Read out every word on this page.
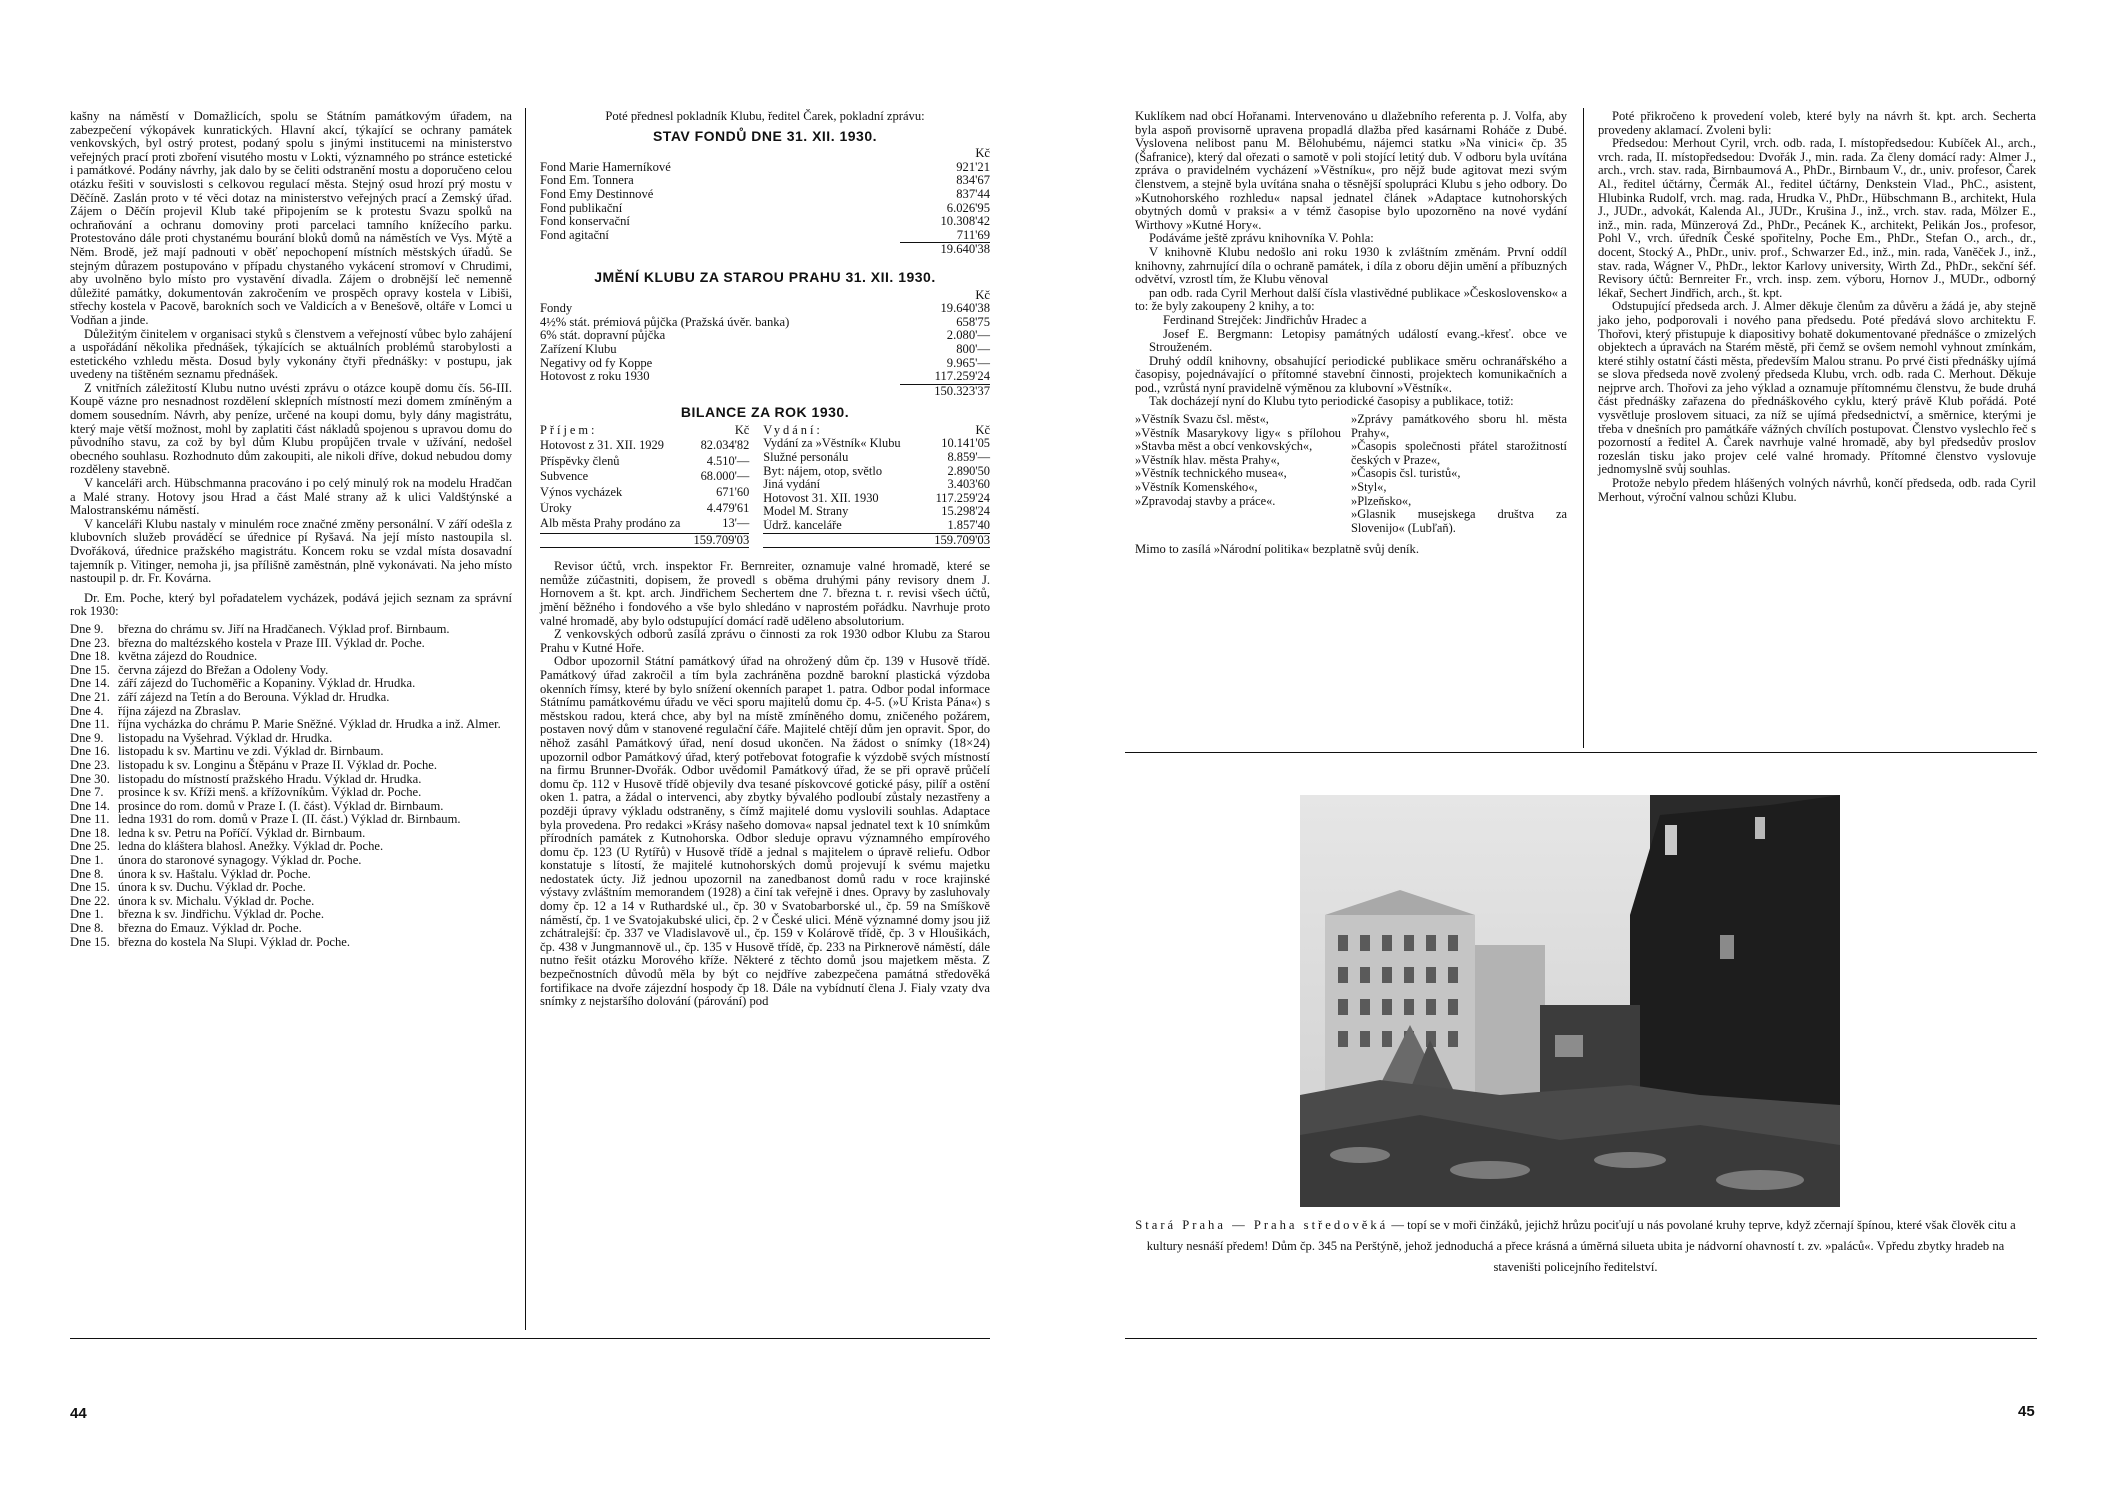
kašny na náměstí v Domažlicích, spolu se Státním památkovým úřadem, na zabezpečení výkopávek kunratických. Hlavní akcí, týkající se ochrany památek venkovských, byl ostrý protest, podaný spolu s jinými institucemi na ministerstvo veřejných prací proti zboření visutého mostu v Lokti, významného po stránce estetické i památkové. Podány návrhy, jak dalo by se čeliti odstranění mostu a doporučeno celou otázku řešiti v souvislosti s celkovou regulací města. Stejný osud hrozí prý mostu v Děčíně. Zaslán proto v té věci dotaz na ministerstvo veřejných prací a Zemský úřad. Zájem o Děčín projevil Klub také připojením se k protestu Svazu spolků na ochraňování a ochranu domoviny proti parcelaci tamního knížecího parku. Protestováno dále proti chystanému bourání bloků domů na náměstích ve Vys. Mýtě a Něm. Brodě, jež mají padnouti v oběť nepochopení místních městských úřadů. Se stejným důrazem postupováno v případu chystaného vykácení stromoví v Chrudimi, aby uvolněno bylo místo pro vystavění divadla. Zájem o drobnější leč nemenně důležité památky, dokumentován zakročením ve prospěch opravy kostela v Libiši, střechy kostela v Pacově, barokních soch ve Valdicích a v Benešově, oltáře v Lomci u Vodňan a jinde.

Důležitým činitelem v organisaci styků s členstvem a veřejností vůbec bylo zahájení a uspořádání několika přednášek, týkajících se aktuálních problémů starobylosti a estetického vzhledu města. Dosud byly vykonány čtyři přednášky: v postupu, jak uvedeny na tištěném seznamu přednášek.

Z vnitřních záležitostí Klubu nutno uvésti zprávu o otázce koupě domu čís. 56-III. Koupě vázne pro nesnadnost rozdělení sklepních místností mezi domem zmíněným a domem sousedním. Návrh, aby peníze, určené na koupi domu, byly dány magistrátu, který maje větší možnost, mohl by zaplatiti část nákladů spojenou s upravou domu do původního stavu, za což by byl dům Klubu propůjčen trvale v užívání, nedošel obecného souhlasu. Rozhodnuto dům zakoupiti, ale nikoli dříve, dokud nebudou domy rozděleny stavebně.

V kanceláři arch. Hübschmanna pracováno i po celý minulý rok na modelu Hradčan a Malé strany. Hotovy jsou Hrad a část Malé strany až k ulici Valdštýnské a Malostranskému náměstí.

V kanceláři Klubu nastaly v minulém roce značné změny personální. V září odešla z klubovních služeb prováděcí se úřednice pí Ryšavá. Na její místo nastoupila sl. Dvořáková, úřednice pražského magistrátu. Koncem roku se vzdal místa dosavadní tajemník p. Vitinger, nemoha ji, jsa přílišně zaměstnán, plně vykonávati. Na jeho místo nastoupil p. dr. Fr. Kovárna.

Dr. Em. Poche, který byl pořadatelem vycházek, podává jejich seznam za správní rok 1930:

Dne 9.	března do chrámu sv. Jiří na Hradčanech. Výklad prof. Birnbaum.
Dne 23.	března do maltézského kostela v Praze III. Výklad dr. Poche.
Dne 18.	května zájezd do Roudnice.
Dne 15.	června zájezd do Břežan a Odoleny Vody.
Dne 14.	září zájezd do Tuchoměřic a Kopaniny. Výklad dr. Hrudka.
Dne 21.	září zájezd na Tetín a do Berouna. Výklad dr. Hrudka.
Dne 4.	října zájezd na Zbraslav.
Dne 11.	října vycházka do chrámu P. Marie Sněžné. Výklad dr. Hrudka a inž. Almer.
Dne 9.	listopadu na Vyšehrad. Výklad dr. Hrudka.
Dne 16.	listopadu k sv. Martinu ve zdi. Výklad dr. Birnbaum.
Dne 23.	listopadu k sv. Longinu a Štěpánu v Praze II. Výklad dr. Poche.
Dne 30.	listopadu do místností pražského Hradu. Výklad dr. Hrudka.
Dne 7.	prosince k sv. Kříži menš. a křížovníkům. Výklad dr. Poche.
Dne 14.	prosince do rom. domů v Praze I. (I. část). Výklad dr. Birnbaum.
Dne 11.	ledna 1931 do rom. domů v Praze I. (II. část.) Výklad dr. Birnbaum.
Dne 18.	ledna k sv. Petru na Poříčí. Výklad dr. Birnbaum.
Dne 25.	ledna do kláštera blahosl. Anežky. Výklad dr. Poche.
Dne 1.	února do staronové synagogy. Výklad dr. Poche.
Dne 8.	února k sv. Haštalu. Výklad dr. Poche.
Dne 15.	února k sv. Duchu. Výklad dr. Poche.
Dne 22.	února k sv. Michalu. Výklad dr. Poche.
Dne 1.	března k sv. Jindřichu. Výklad dr. Poche.
Dne 8.	března do Emauz. Výklad dr. Poche.
Dne 15.	března do kostela Na Slupi. Výklad dr. Poche.

Poté přednesl pokladník Klubu, ředitel Čarek, pokladní zprávu:

STAV FONDŮ DNE 31. XII. 1930.
	Kč
Fond Marie Hamerníkové	921'21
Fond Em. Tonnera	834'67
Fond Emy Destinnové	837'44
Fond publikační	6.026'95
Fond konservační	10.308'42
Fond agitační	711'69
	19.640'38
JMĚNÍ KLUBU ZA STAROU PRAHU 31. XII. 1930.
	Kč
Fondy	19.640'38
4½% stát. prémiová půjčka (Pražská úvěr. banka)	658'75
6% stát. dopravní půjčka	2.080'—
Zařízení Klubu	800'—
Negativy od fy Koppe	9.965'—
Hotovost z roku 1930	117.259'24
	150.323'37
BILANCE ZA ROK 1930.
Příjem:	Kč
Hotovost z 31. XII. 1929	82.034'82
Příspěvky členů	4.510'—
Subvence	68.000'—
Výnos vycházek	671'60
Úroky	4.479'61
Alb města Prahy prodáno za	13'—
Vydání:	Kč
Vydání za »Věstník« Klubu	10.141'05
Služné personálu	8.859'—
Byt: nájem, otop, světlo	2.890'50
Jiná vydání	3.403'60
Hotovost 31. XII. 1930	117.259'24
Model M. Strany	15.298'24
Údrž. kanceláře	1.857'40
159.709'03	159.709'03

Revisor účtů, vrch. inspektor Fr. Bernreiter, oznamuje valné hromadě, které se nemůže zúčastniti, dopisem, že provedl s oběma druhými pány revisory dnem J. Hornovem a št. kpt. arch. Jindřichem Sechertem dne 7. března t. r. revisi všech účtů, jmění běžného i fondového a vše bylo shledáno v naprostém pořádku. Navrhuje proto valné hromadě, aby bylo odstupující domácí radě uděleno absolutorium.

Z venkovských odborů zasílá zprávu o činnosti za rok 1930 odbor Klubu za Starou Prahu v Kutné Hoře.

Odbor upozornil Státní památkový úřad na ohrožený dům čp. 139 v Husově třídě. Památkový úřad zakročil a tím byla zachráněna pozdně barokní plastická výzdoba okenních římsy, které by bylo snížení okenních parapet 1. patra. Odbor podal informace Státnímu památkovému úřadu ve věci sporu majitelů domu čp. 4-5. (»U Krista Pána«) s městskou radou, která chce, aby byl na místě zmíněného domu, zničeného požárem, postaven nový dům v stanovené regulační čáře. Majitelé chtějí dům jen opravit. Spor, do něhož zasáhl Památkový úřad, není dosud ukončen. Na žádost o snímky (18×24) upozornil odbor Památkový úřad, který potřebovat fotografie k výzdobě svých místností na firmu Brunner-Dvořák. Odbor uvědomil Památkový úřad, že se při opravě průčelí domu čp. 112 v Husově třídě objevily dva tesané pískovcové gotické pásy, pilíř a ostění oken 1. patra, a žádal o intervenci, aby zbytky bývalého podloubí zůstaly nezastřeny a později úpravy výkladu odstraněny, s čímž majitelé domu vyslovili souhlas. Adaptace byla provedena. Pro redakci »Krásy našeho domova« napsal jednatel text k 10 snímkům přírodních památek z Kutnohorska. Odbor sleduje opravu významného empírového domu čp. 123 (U Rytířů) v Husově třídě a jednal s majitelem o úpravě reliefu. Odbor konstatuje s lítostí, že majitelé kutnohorských domů projevují k svému majetku nedostatek úcty. Již jednou upozornil na zanedbanost domů radu v roce krajinské výstavy zvláštním memorandem (1928) a činí tak veřejně i dnes. Opravy by zasluhovaly domy čp. 12 a 14 v Ruthardské ul., čp. 30 v Svatobarborské ul., čp. 59 na Smíškově náměstí, čp. 1 ve Svatojakubské ulici, čp. 2 v České ulici. Méně významné domy jsou již zchátralejší: čp. 337 ve Vladislavově ul., čp. 159 v Kolárově třídě, čp. 3 v Hloušikách, čp. 438 v Jungmannově ul., čp. 135 v Husově třídě, čp. 233 na Pirknerově náměstí, dále nutno řešit otázku Morového kříže. Některé z těchto domů jsou majetkem města. Z bezpečnostních důvodů měla by být co nejdříve zabezpečena památná středověká fortifikace na dvoře zájezdní hospody čp 18. Dále na vybídnutí člena J. Fialy vzaty dva snímky z nejstaršího dolování (párování) pod

44

Kuklíkem nad obcí Hořanami. Intervenováno u dlažebního referenta p. J. Volfa, aby byla aspoň provisorně upravena propadlá dlažba před kasárnami Roháče z Dubé. Vyslovena nelibost panu M. Bělohubému, nájemci statku »Na vinici« čp. 35 (Šafranice), který dal ořezati o samotě v poli stojící letitý dub. V odboru byla uvítána zpráva o pravidelném vycházení »Věstníku«, pro nějž bude agitovat mezi svým členstvem, a stejně byla uvítána snaha o těsnější spolupráci Klubu s jeho odbory. Do »Kutnohorského rozhledu« napsal jednatel článek »Adaptace kutnohorských obytných domů v praksi« a v témž časopise bylo upozorněno na nové vydání Wirthovy »Kutné Hory«.

Podáváme ještě zprávu knihovníka V. Pohla:

V knihovně Klubu nedošlo ani roku 1930 k zvláštním změnám. První oddíl knihovny, zahrnující díla o ochraně památek, i díla z oboru dějin umění a příbuzných odvětví, vzrostl tím, že Klubu věnoval

pan odb. rada Cyril Merhout další čísla vlastivědné publikace »Československo« a to: že byly zakoupeny 2 knihy, a to:

Ferdinand Strejček: Jindřichův Hradec a

Josef E. Bergmann: Letopisy památných událostí evang.-křesť. obce ve Strouženém.

Druhý oddíl knihovny, obsahující periodické publikace směru ochranářského a časopisy, pojednávající o přítomné stavební činnosti, projektech komunikačních a pod., vzrůstá nyní pravidelně výměnou za klubovní »Věstník«.

Tak docházejí nyní do Klubu tyto periodické časopisy a publikace, totiž:

»Věstník Svazu čsl. měst«,
»Věstník Masarykovy ligy« s přílohou »Stavba měst a obcí venkovských«,
»Věstník hlav. města Prahy«,
»Věstník technického musea«,
»Věstník Komenského«,
»Zpravodaj stavby a práce«.

»Zprávy památkového sboru hl. města Prahy«,
»Časopis společnosti přátel starožitností českých v Praze«,
»Časopis čsl. turistů«,
»Styl«,
»Plzeňsko«,
»Glasnik musejskega društva za Slovenijo« (Lubľaň).

Mimo to zasílá »Národní politika« bezplatně svůj deník.

Poté přikročeno k provedení voleb, které byly na návrh št. kpt. arch. Secherta provedeny aklamací. Zvoleni byli:

Předsedou: Merhout Cyril, vrch. odb. rada, I. místopředsedou: Kubíček Al., arch., vrch. rada, II. místopředsedou: Dvořák J., min. rada. Za členy domácí rady: Almer J., arch., vrch. stav. rada, Birnbaumová A., PhDr., Birnbaum V., dr., univ. profesor, Čarek Al., ředitel účtárny, Čermák Al., ředitel účtárny, Denkstein Vlad., PhC., asistent, Hlubinka Rudolf, vrch. mag. rada, Hrudka V., PhDr., Hübschmann B., architekt, Hula J., JUDr., advokát, Kalenda Al., JUDr., Krušina J., inž., vrch. stav. rada, Mölzer E., inž., min. rada, Münzerová Zd., PhDr., Pecánek K., architekt, Pelikán Jos., profesor, Pohl V., vrch. úředník České spořitelny, Poche Em., PhDr., Stefan O., arch., dr., docent, Stocký A., PhDr., univ. prof., Schwarzer Ed., inž., min. rada, Vaněček J., inž., stav. rada, Wágner V., PhDr., lektor Karlovy university, Wirth Zd., PhDr., sekční šéf. Revisory účtů: Bernreiter Fr., vrch. insp. zem. výboru, Hornov J., MUDr., odborný lékař, Sechert Jindřich, arch., št. kpt.

Odstupující předseda arch. J. Almer děkuje členům za důvěru a žádá je, aby stejně jako jeho, podporovali i nového pana předsedu. Poté předává slovo architektu F. Thořovi, který přistupuje k diapositivy bohatě dokumentované přednášce o zmizelých objektech a úpravách na Starém městě, při čemž se ovšem nemohl vyhnout zmínkám, které stihly ostatní části města, především Malou stranu. Po prvé čisti přednášky ujímá se slova předseda nově zvolený předseda Klubu, vrch. odb. rada C. Merhout. Děkuje nejprve arch. Thořovi za jeho výklad a oznamuje přítomnému členstvu, že bude druhá část přednášky zařazena do přednáškového cyklu, který právě Klub pořádá. Poté vysvětluje proslovem situaci, za níž se ujímá předsednictví, a směrnice, kterými je třeba v dnešních pro památkáře vážných chvílích postupovat. Členstvo vyslechlo řeč s pozorností a ředitel A. Čarek navrhuje valné hromadě, aby byl předsedův proslov rozeslán tisku jako projev celé valné hromady. Přítomné členstvo vyslovuje jednomyslně svůj souhlas.

Protože nebylo předem hlášených volných návrhů, končí předseda, odb. rada Cyril Merhout, výroční valnou schůzi Klubu.

Stará Praha — Praha středověká — topí se v moři činžáků, jejichž hrůzu pociťují u nás povolané kruhy teprve, když zčernají špínou, které však člověk citu a kultury nesnáší předem! Dům čp. 345 na Perštýně, jehož jednoduchá a přece krásná a úměrná silueta ubita je nádvorní ohavností t. zv. »paláců«. Vpředu zbytky hradeb na staveništi policejního ředitelství.
45
